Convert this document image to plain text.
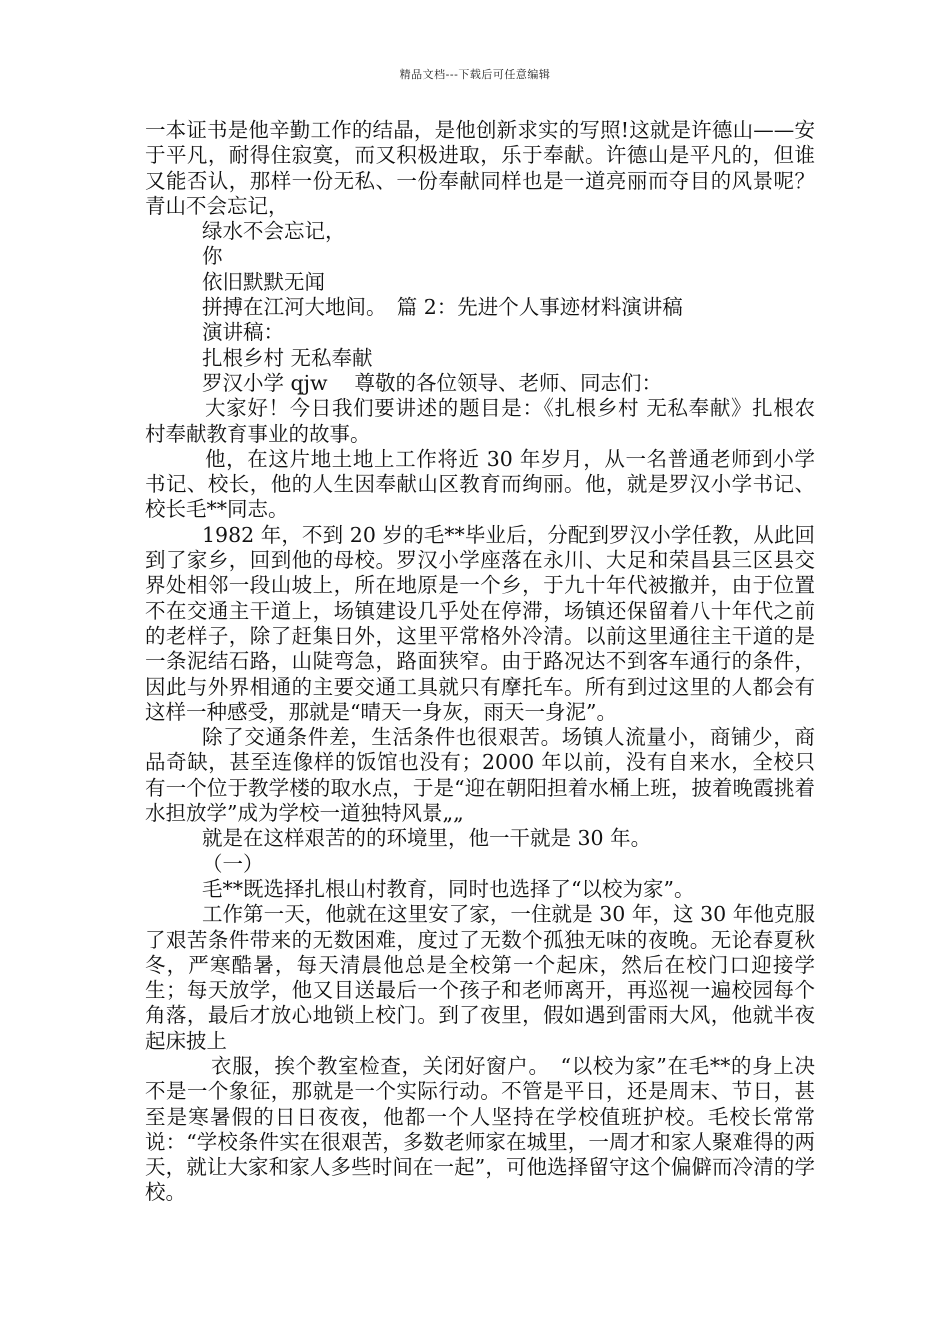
精品文档---下载后可任意编辑

一本证书是他辛勤工作的结晶，是他创新求实的写照!这就是许德山——安于平凡，耐得住寂寞，而又积极进取，乐于奉献。许德山是平凡的，但谁又能否认，那样一份无私、一份奉献同样也是一道亮丽而夺目的风景呢？　青山不会忘记，

绿水不会忘记，

你

依旧默默无闻

拼搏在江河大地间。　篇 2：先进个人事迹材料演讲稿

演讲稿：

扎根乡村 无私奉献

罗汉小学 qjw　 尊敬的各位领导、老师、同志们：

大家好！今日我们要讲述的题目是：《扎根乡村 无私奉献》扎根农村奉献教育事业的故事。

他，在这片地土地上工作将近 30 年岁月，从一名普通老师到小学书记、校长，他的人生因奉献山区教育而绚丽。他，就是罗汉小学书记、校长毛**同志。

1982 年，不到 20 岁的毛**毕业后，分配到罗汉小学任教，从此回到了家乡，回到他的母校。罗汉小学座落在永川、大足和荣昌县三区县交界处相邻一段山坡上，所在地原是一个乡，于九十年代被撤并，由于位置不在交通主干道上，场镇建设几乎处在停滞，场镇还保留着八十年代之前的老样子，除了赶集日外，这里平常格外冷清。以前这里通往主干道的是一条泥结石路，山陡弯急，路面狭窄。由于路况达不到客车通行的条件，因此与外界相通的主要交通工具就只有摩托车。所有到过这里的人都会有这样一种感受，那就是“晴天一身灰，雨天一身泥”。

除了交通条件差，生活条件也很艰苦。场镇人流量小，商铺少，商品奇缺，甚至连像样的饭馆也没有；2000 年以前，没有自来水，全校只有一个位于教学楼的取水点，于是“迎在朝阳担着水桶上班，披着晚霞挑着水担放学”成为学校一道独特风景„„

就是在这样艰苦的的环境里，他一干就是 30 年。

（一）

毛**既选择扎根山村教育，同时也选择了“以校为家”。

工作第一天，他就在这里安了家，一住就是 30 年，这 30 年他克服了艰苦条件带来的无数困难，度过了无数个孤独无味的夜晚。无论春夏秋冬，严寒酷暑，每天清晨他总是全校第一个起床，然后在校门口迎接学生；每天放学，他又目送最后一个孩子和老师离开，再巡视一遍校园每个角落，最后才放心地锁上校门。到了夜里，假如遇到雷雨大风，他就半夜起床披上

衣服，挨个教室检查，关闭好窗户。　“以校为家”在毛**的身上决不是一个象征，那就是一个实际行动。不管是平日，还是周末、节日，甚至是寒暑假的日日夜夜，他都一个人坚持在学校值班护校。毛校长常常说：“学校条件实在很艰苦，多数老师家在城里，一周才和家人聚难得的两天，就让大家和家人多些时间在一起”，可他选择留守这个偏僻而冷清的学校。
